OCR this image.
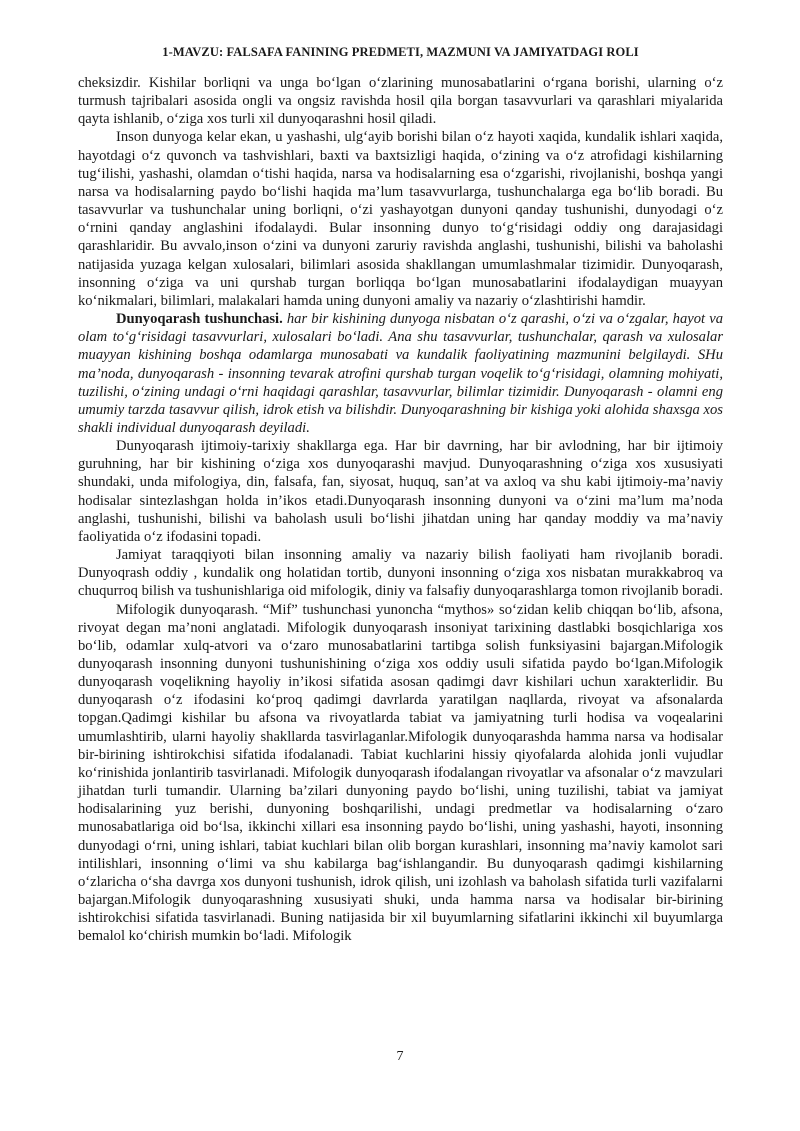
1-MAVZU: FALSAFA FANINING PREDMETI, MAZMUNI VA JAMIYATDAGI ROLI

cheksizdir. Kishilar borliqni va unga bo‘lgan o‘zlarining munosabatlarini o‘rgana borishi, ularning o‘z turmush tajribalari asosida ongli va ongsiz ravishda hosil qila borgan tasavvurlari va qarashlari miyalarida qayta ishlanib, o‘ziga xos turli xil dunyoqarashni hosil qiladi.

Inson dunyoga kelar ekan, u yashashi, ulg‘ayib borishi bilan o‘z hayoti xaqida, kundalik ishlari xaqida, hayotdagi o‘z quvonch va tashvishlari, baxti va baxtsizligi haqida, o‘zining va o‘z atrofidagi kishilarning tug‘ilishi, yashashi, olamdan o‘tishi haqida, narsa va hodisalarning esa o‘zgarishi, rivojlanishi, boshqa yangi narsa va hodisalarning paydo bo‘lishi haqida ma’lum tasavvurlarga, tushunchalarga ega bo‘lib boradi. Bu tasavvurlar va tushunchalar uning borliqni, o‘zi yashayotgan dunyoni qanday tushunishi, dunyodagi o‘z o‘rnini qanday anglashini ifodalaydi. Bular insonning dunyo to‘g‘risidagi oddiy ong darajasidagi qarashlaridir. Bu avvalo,inson o‘zini va dunyoni zaruriy ravishda anglashi, tushunishi, bilishi va baholashi natijasida yuzaga kelgan xulosalari, bilimlari asosida shakllangan umumlashmalar tizimidir. Dunyoqarash, insonning o‘ziga va uni qurshab turgan borliqqa bo‘lgan munosabatlarini ifodalaydigan muayyan ko‘nikmalari, bilimlari, malakalari hamda uning dunyoni amaliy va nazariy o‘zlashtirishi hamdir.

Dunyoqarash tushunchasi. har bir kishining dunyoga nisbatan o‘z qarashi, o‘zi va o‘zgalar, hayot va olam to‘g‘risidagi tasavvurlari, xulosalari bo‘ladi. Ana shu tasavvurlar, tushunchalar, qarash va xulosalar muayyan kishining boshqa odamlarga munosabati va kundalik faoliyatining mazmunini belgilaydi. SHu ma’noda, dunyoqarash - insonning tevarak atrofini qurshab turgan voqelik to‘g‘risidagi, olamning mohiyati, tuzilishi, o‘zining undagi o‘rni haqidagi qarashlar, tasavvurlar, bilimlar tizimidir. Dunyoqarash - olamni eng umumiy tarzda tasavvur qilish, idrok etish va bilishdir. Dunyoqarashning bir kishiga yoki alohida shaxsga xos shakli individual dunyoqarash deyiladi.

Dunyoqarash ijtimoiy-tarixiy shakllarga ega. Har bir davrning, har bir avlodning, har bir ijtimoiy guruhning, har bir kishining o‘ziga xos dunyoqarashi mavjud. Dunyoqarashning o‘ziga xos xususiyati shundaki, unda mifologiya, din, falsafa, fan, siyosat, huquq, san’at va axloq va shu kabi ijtimoiy-ma’naviy hodisalar sintezlashgan holda in’ikos etadi.Dunyoqarash insonning dunyoni va o‘zini ma’lum ma’noda anglashi, tushunishi, bilishi va baholash usuli bo‘lishi jihatdan uning har qanday moddiy va ma’naviy faoliyatida o‘z ifodasini topadi.

Jamiyat taraqqiyoti bilan insonning amaliy va nazariy bilish faoliyati ham rivojlanib boradi. Dunyoqrash oddiy , kundalik ong holatidan tortib, dunyoni insonning o‘ziga xos nisbatan murakkabroq va chuqurroq bilish va tushunishlariga oid mifologik, diniy va falsafiy dunyoqarashlarga tomon rivojlanib boradi.

Mifologik dunyoqarash. “Mif” tushunchasi yunoncha “mythos» so‘zidan kelib chiqqan bo‘lib, afsona, rivoyat degan ma’noni anglatadi. Mifologik dunyoqarash insoniyat tarixining dastlabki bosqichlariga xos bo‘lib, odamlar xulq-atvori va o‘zaro munosabatlarini tartibga solish funksiyasini bajargan.Mifologik dunyoqarash insonning dunyoni tushunishining o‘ziga xos oddiy usuli sifatida paydo bo‘lgan.Mifologik dunyoqarash voqelikning hayoliy in’ikosi sifatida asosan qadimgi davr kishilari uchun xarakterlidir. Bu dunyoqarash o‘z ifodasini ko‘proq qadimgi davrlarda yaratilgan naqllarda, rivoyat va afsonalarda topgan.Qadimgi kishilar bu afsona va rivoyatlarda tabiat va jamiyatning turli hodisa va voqealarini umumlashtirib, ularni hayoliy shakllarda tasvirlaganlar.Mifologik dunyoqarashda hamma narsa va hodisalar bir-birining ishtirokchisi sifatida ifodalanadi. Tabiat kuchlarini hissiy qiyofalarda alohida jonli vujudlar ko‘rinishida jonlantirib tasvirlanadi. Mifologik dunyoqarash ifodalangan rivoyatlar va afsonalar o‘z mavzulari jihatdan turli tumandir. Ularning ba’zilari dunyoning paydo bo‘lishi, uning tuzilishi, tabiat va jamiyat hodisalarining yuz berishi, dunyoning boshqarilishi, undagi predmetlar va hodisalarning o‘zaro munosabatlariga oid bo‘lsa, ikkinchi xillari esa insonning paydo bo‘lishi, uning yashashi, hayoti, insonning dunyodagi o‘rni, uning ishlari, tabiat kuchlari bilan olib borgan kurashlari, insonning ma’naviy kamolot sari intilishlari, insonning o‘limi va shu kabilarga bag‘ishlangandir. Bu dunyoqarash qadimgi kishilarning o‘zlaricha o‘sha davrga xos dunyoni tushunish, idrok qilish, uni izohlash va baholash sifatida turli vazifalarni bajargan.Mifologik dunyoqarashning xususiyati shuki, unda hamma narsa va hodisalar bir-birining ishtirokchisi sifatida tasvirlanadi. Buning natijasida bir xil buyumlarning sifatlarini ikkinchi xil buyumlarga bemalol ko‘chirish mumkin bo‘ladi. Mifologik

7
